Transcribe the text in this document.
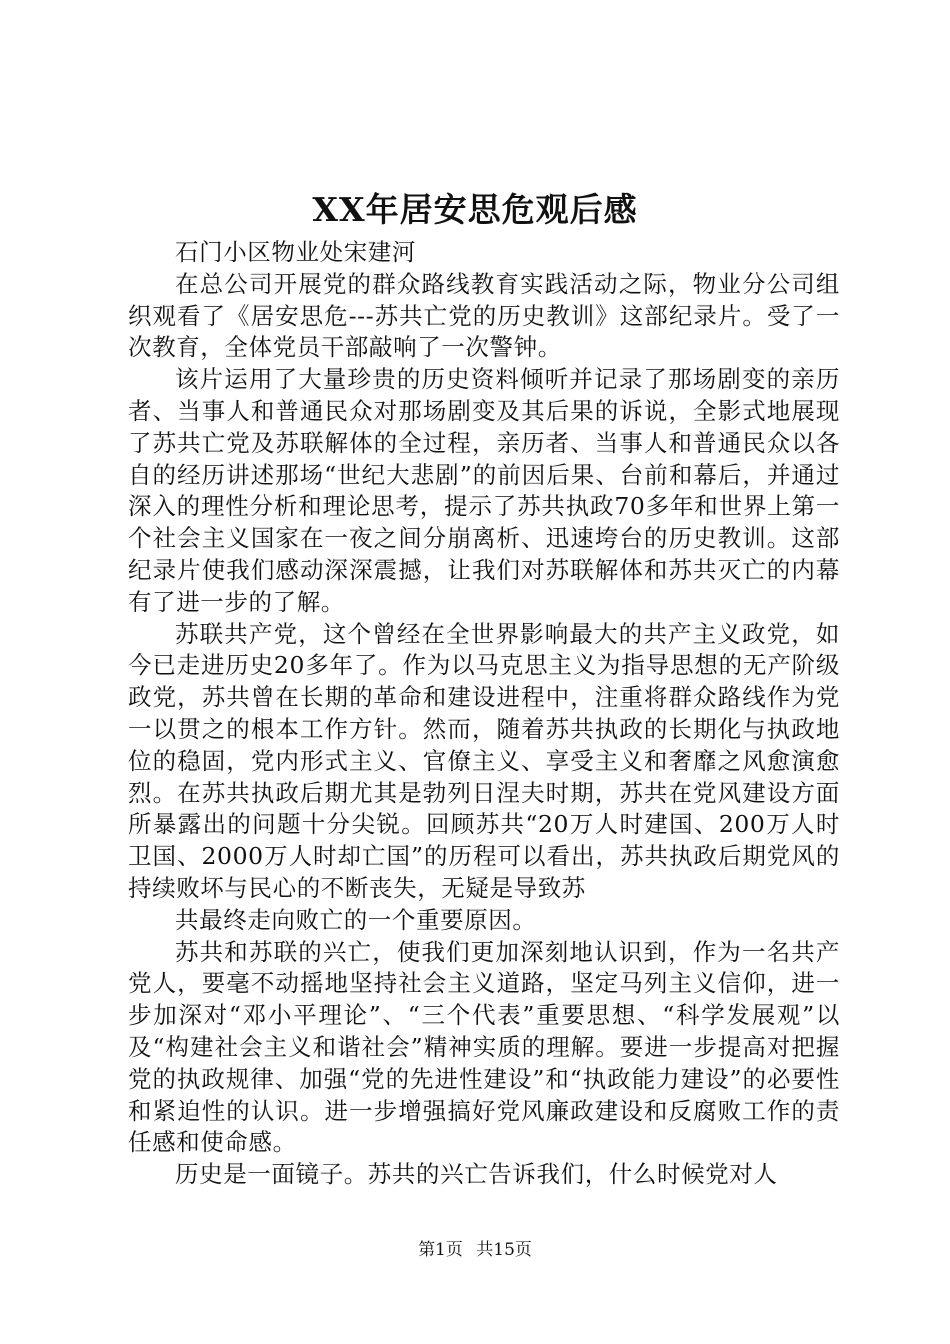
XX年居安思危观后感

石门小区物业处宋建河

在总公司开展党的群众路线教育实践活动之际，物业分公司组织观看了《居安思危---苏共亡党的历史教训》这部纪录片。受了一次教育，全体党员干部敲响了一次警钟。

该片运用了大量珍贵的历史资料倾听并记录了那场剧变的亲历者、当事人和普通民众对那场剧变及其后果的诉说，全影式地展现了苏共亡党及苏联解体的全过程，亲历者、当事人和普通民众以各自的经历讲述那场“世纪大悲剧”的前因后果、台前和幕后，并通过深入的理性分析和理论思考，提示了苏共执政70多年和世界上第一个社会主义国家在一夜之间分崩离析、迅速垮台的历史教训。这部纪录片使我们感动深深震撼，让我们对苏联解体和苏共灭亡的内幕有了进一步的了解。

苏联共产党，这个曾经在全世界影响最大的共产主义政党，如今已走进历史20多年了。作为以马克思主义为指导思想的无产阶级政党，苏共曾在长期的革命和建设进程中，注重将群众路线作为党一以贯之的根本工作方针。然而，随着苏共执政的长期化与执政地位的稳固，党内形式主义、官僚主义、享受主义和奢靡之风愈演愈烈。在苏共执政后期尤其是勃列日涅夫时期，苏共在党风建设方面所暴露出的问题十分尖锐。回顾苏共“20万人时建国、200万人时卫国、2000万人时却亡国”的历程可以看出，苏共执政后期党风的持续败坏与民心的不断丧失，无疑是导致苏

共最终走向败亡的一个重要原因。

苏共和苏联的兴亡，使我们更加深刻地认识到，作为一名共产党人，要毫不动摇地坚持社会主义道路，坚定马列主义信仰，进一步加深对“邓小平理论”、“三个代表”重要思想、“科学发展观”以及“构建社会主义和谐社会”精神实质的理解。要进一步提高对把握党的执政规律、加强“党的先进性建设”和“执政能力建设”的必要性和紧迫性的认识。进一步增强搞好党风廉政建设和反腐败工作的责任感和使命感。

历史是一面镜子。苏共的兴亡告诉我们，什么时候党对人

第1页 共15页
